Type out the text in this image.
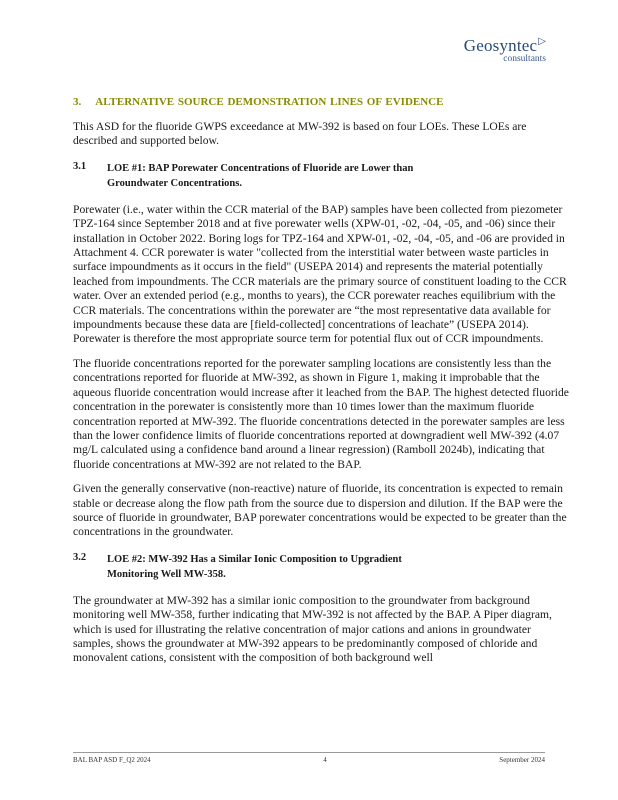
Geosyntec▷
consultants
3. ALTERNATIVE SOURCE DEMONSTRATION LINES OF EVIDENCE

This ASD for the fluoride GWPS exceedance at MW-392 is based on four LOEs. These LOEs are described and supported below.

3.1	LOE #1: BAP Porewater Concentrations of Fluoride are Lower than
Groundwater Concentrations.

Porewater (i.e., water within the CCR material of the BAP) samples have been collected from piezometer TPZ-164 since September 2018 and at five porewater wells (XPW-01, -02, -04, -05, and -06) since their installation in October 2022. Boring logs for TPZ-164 and XPW-01, -02, -04, -05, and -06 are provided in Attachment 4. CCR porewater is water "collected from the interstitial water between waste particles in surface impoundments as it occurs in the field" (USEPA 2014) and represents the material potentially leached from impoundments. The CCR materials are the primary source of constituent loading to the CCR water. Over an extended period (e.g., months to years), the CCR porewater reaches equilibrium with the CCR materials. The concentrations within the porewater are “the most representative data available for impoundments because these data are [field-collected] concentrations of leachate” (USEPA 2014). Porewater is therefore the most appropriate source term for potential flux out of CCR impoundments.

The fluoride concentrations reported for the porewater sampling locations are consistently less than the concentrations reported for fluoride at MW-392, as shown in Figure 1, making it improbable that the aqueous fluoride concentration would increase after it leached from the BAP. The highest detected fluoride concentration in the porewater is consistently more than 10 times lower than the maximum fluoride concentration reported at MW-392. The fluoride concentrations detected in the porewater samples are less than the lower confidence limits of fluoride concentrations reported at downgradient well MW-392 (4.07 mg/L calculated using a confidence band around a linear regression) (Ramboll 2024b), indicating that fluoride concentrations at MW-392 are not related to the BAP.

Given the generally conservative (non-reactive) nature of fluoride, its concentration is expected to remain stable or decrease along the flow path from the source due to dispersion and dilution. If the BAP were the source of fluoride in groundwater, BAP porewater concentrations would be expected to be greater than the concentrations in the groundwater.

3.2	LOE #2: MW-392 Has a Similar Ionic Composition to Upgradient
Monitoring Well MW-358.

The groundwater at MW-392 has a similar ionic composition to the groundwater from background monitoring well MW-358, further indicating that MW-392 is not affected by the BAP. A Piper diagram, which is used for illustrating the relative concentration of major cations and anions in groundwater samples, shows the groundwater at MW-392 appears to be predominantly composed of chloride and monovalent cations, consistent with the composition of both background well

BAL BAP ASD F_Q2 2024	4	September 2024
